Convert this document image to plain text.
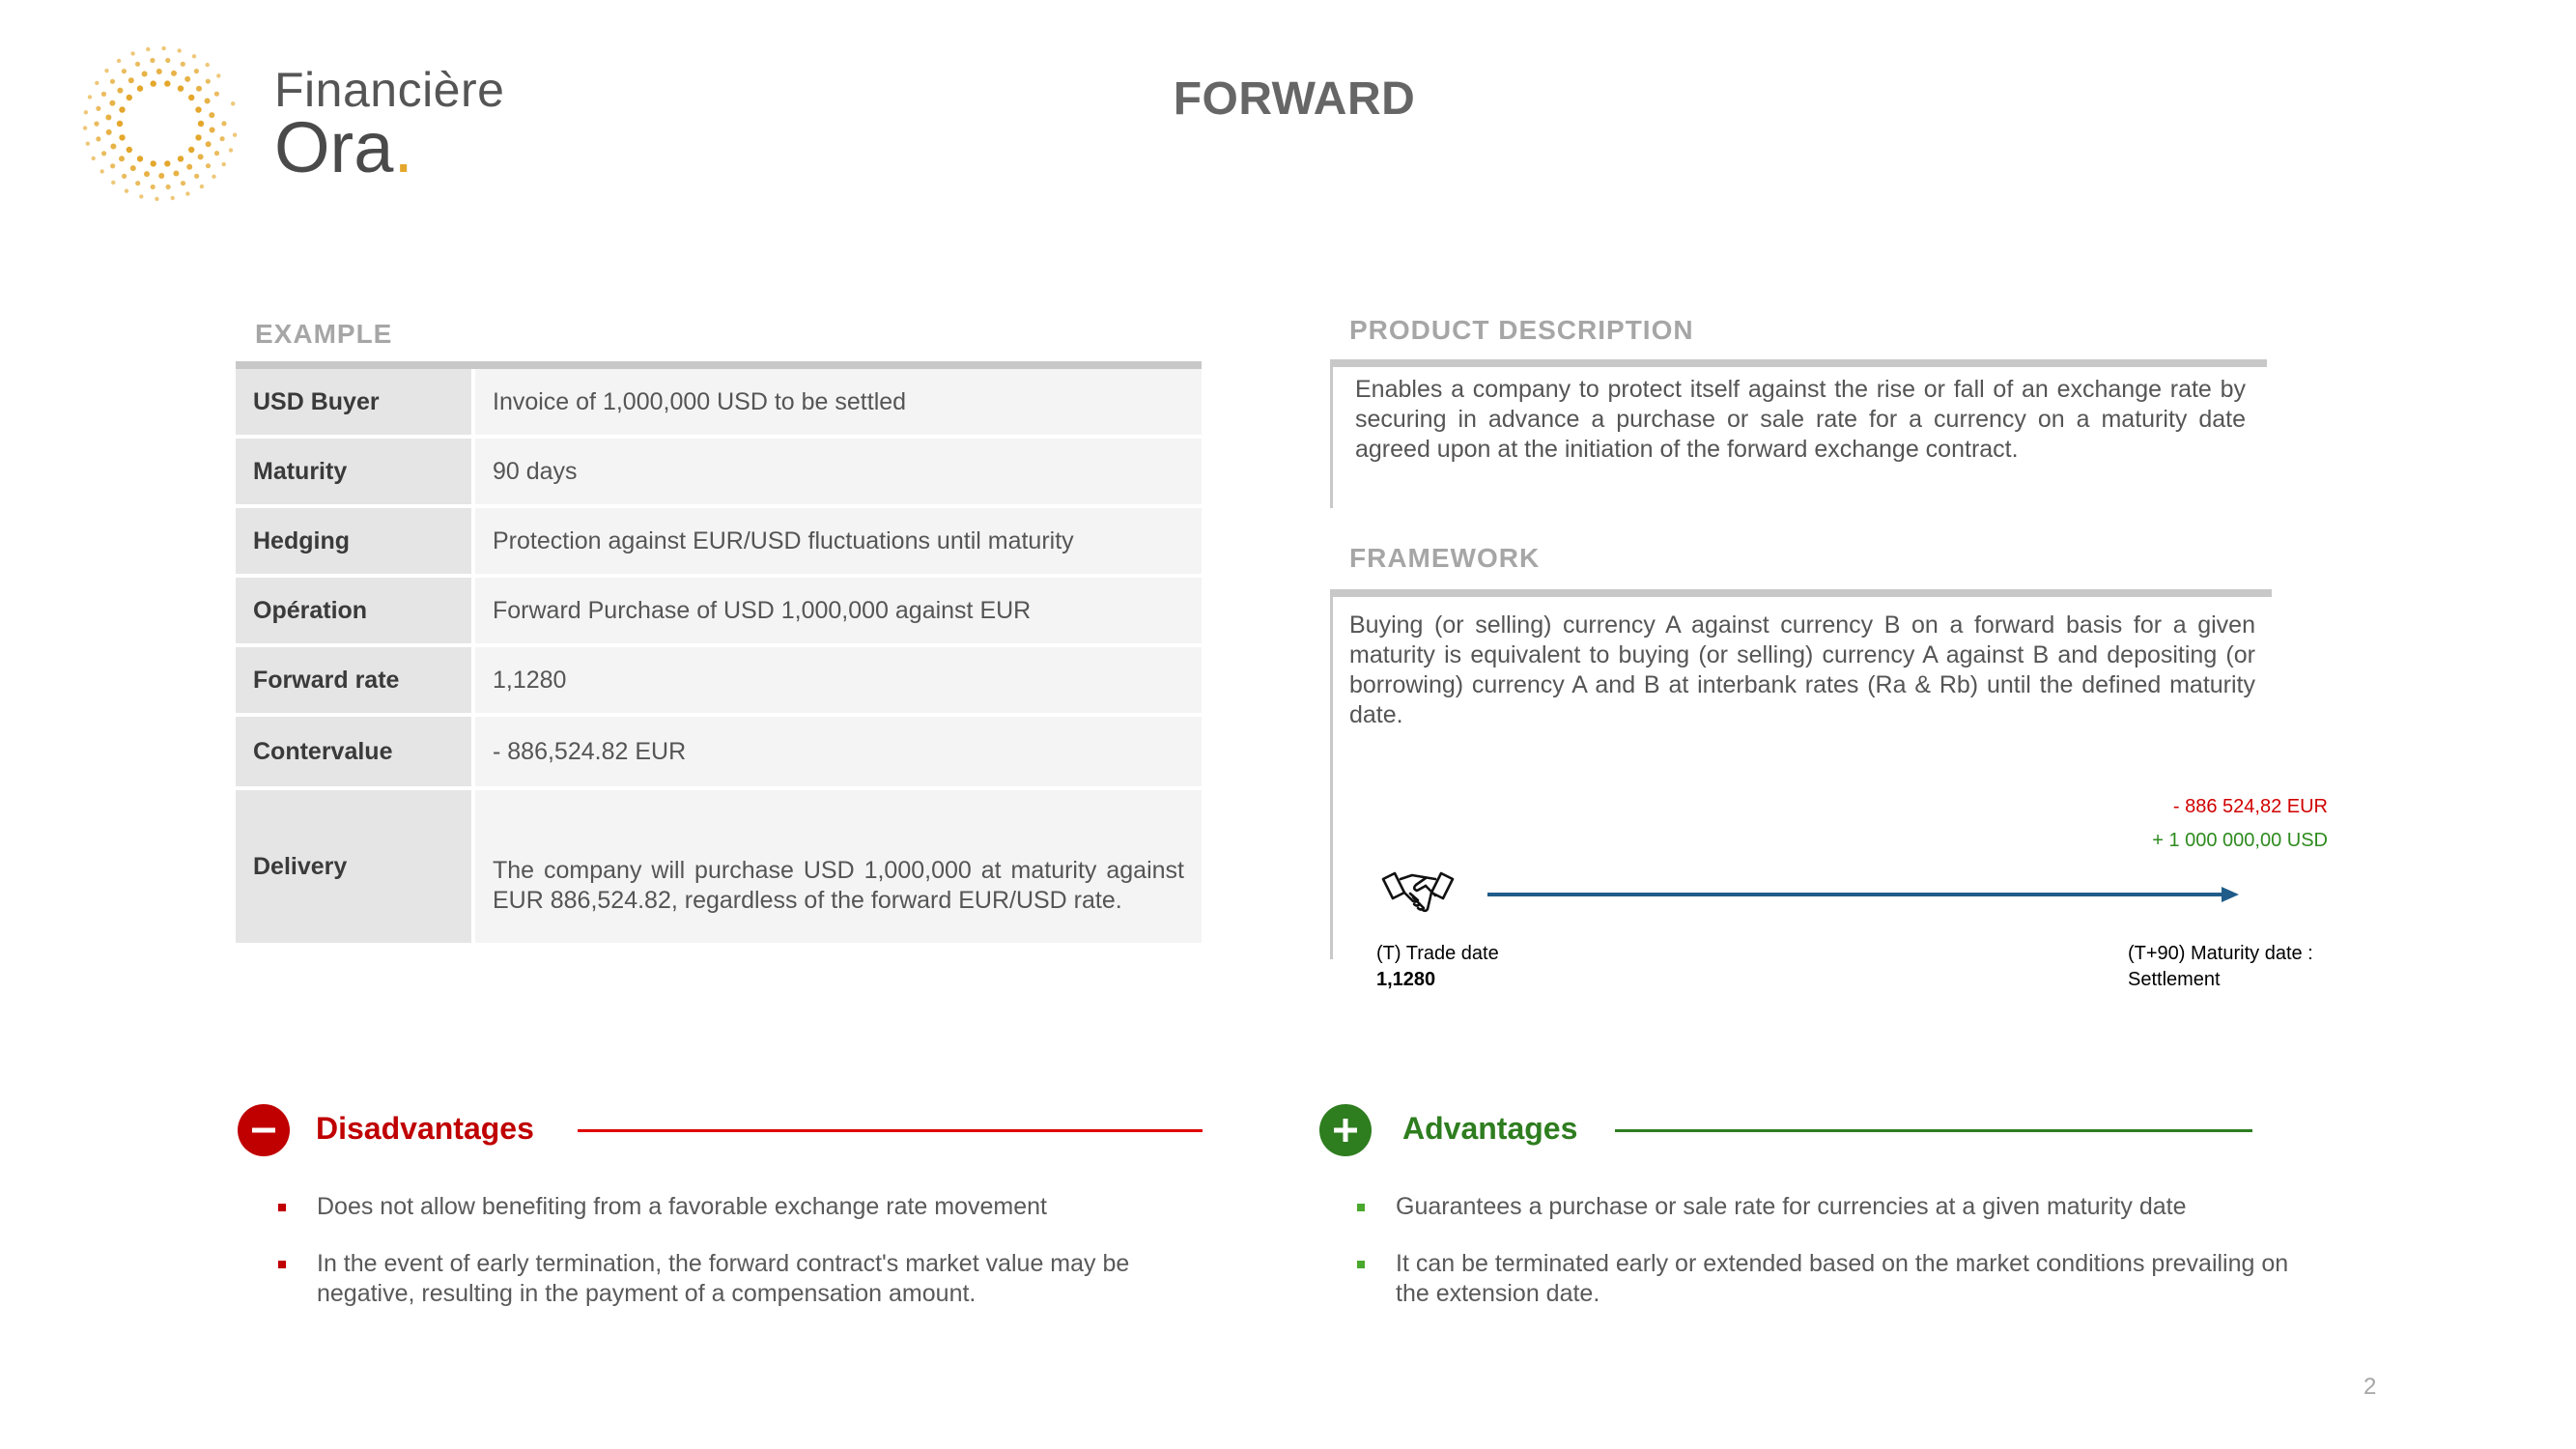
Financière
Ora.
FORWARD
EXAMPLE
USD Buyer	Invoice of 1,000,000 USD to be settled
Maturity	90 days
Hedging	Protection against EUR/USD fluctuations until maturity
Opération	Forward Purchase of USD 1,000,000 against EUR
Forward rate	1,1280
Contervalue	- 886,524.82 EUR
Delivery	The company will purchase USD 1,000,000 at maturity against EUR 886,524.82, regardless of the forward EUR/USD rate.
PRODUCT DESCRIPTION
Enables a company to protect itself against the rise or fall of an exchange rate by securing in advance a purchase or sale rate for a currency on a maturity date agreed upon at the initiation of the forward exchange contract.
FRAMEWORK
Buying (or selling) currency A against currency B on a forward basis for a given maturity is equivalent to buying (or selling) currency A against B and depositing (or borrowing) currency A and B at interbank rates (Ra & Rb) until the defined maturity date.
- 886 524,82 EUR
+ 1 000 000,00 USD
(T) Trade date
1,1280
(T+90) Maturity date :
Settlement
Disadvantages
Does not allow benefiting from a favorable exchange rate movement
In the event of early termination, the forward contract's market value may be negative, resulting in the payment of a compensation amount.
Advantages
Guarantees a purchase or sale rate for currencies at a given maturity date
It can be terminated early or extended based on the market conditions prevailing on the extension date.
2
